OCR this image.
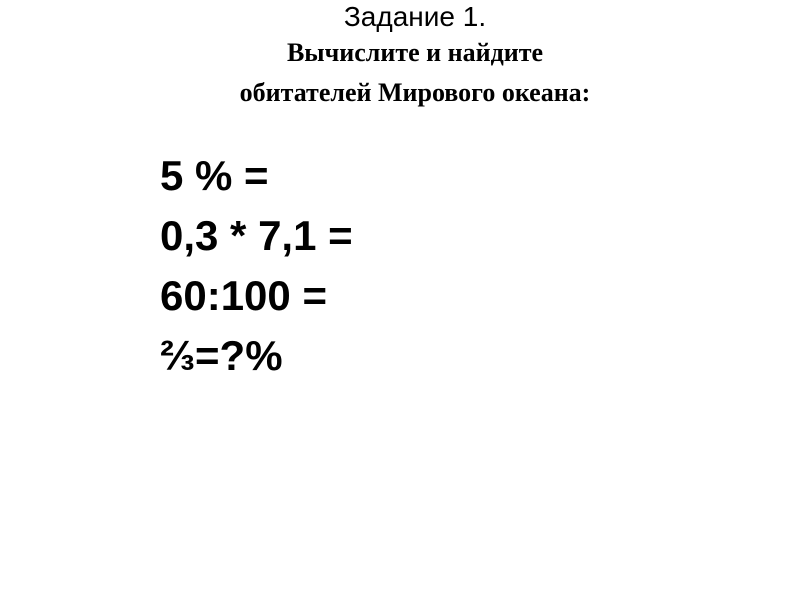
Задание 1.
Вычислите и найдите
обитателей Мирового океана:
5 % =
0,3 * 7,1 =
60:100 =
⅔=?%
